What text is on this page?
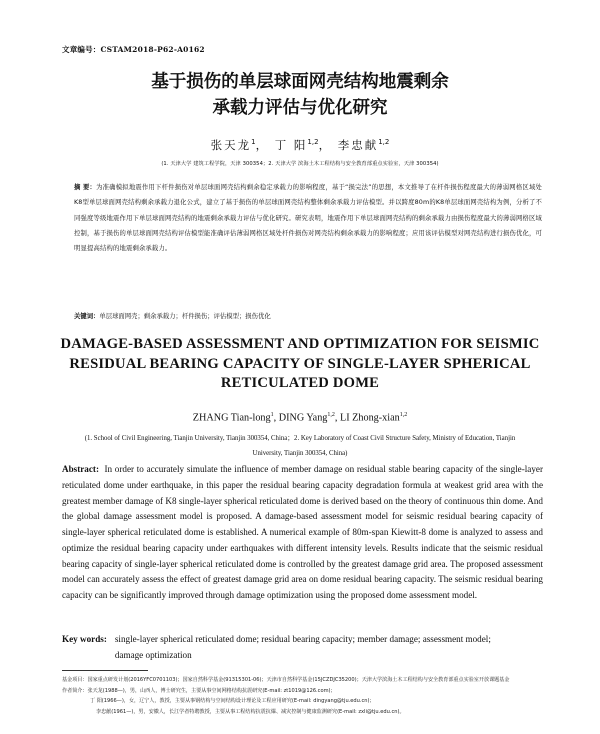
文章编号：CSTAM2018-P62-A0162
基于损伤的单层球面网壳结构地震剩余
承载力评估与优化研究
张天龙$^1$， 丁 阳$^{1,2}$， 李忠献$^{1,2}$
(1. 天津大学 建筑工程学院，天津 300354；2. 天津大学 滨海土木工程结构与安全教育部重点实验室，天津 300354)
摘 要：为准确模拟地震作用下杆件损伤对单层球面网壳结构剩余稳定承载力的影响程度，基于“损完法”的思想，本文推导了在杆件损伤程度最大的薄弱网格区域处K8型单层球面网壳结构剩余承载力退化公式，建立了基于损伤的单层球面网壳结构整体剩余承载力评估模型。并以跨度80m的K8单层球面网壳结构为例，分析了不同强度等级地震作用下单层球面网壳结构的地震剩余承载力评估与优化研究。研究表明，地震作用下单层球面网壳结构的剩余承载力由损伤程度最大的薄弱网格区域控制，基于损伤的单层球面网壳结构评估模型能准确评估薄弱网格区域处杆件损伤对网壳结构剩余承载力的影响程度；应用该评估模型对网壳结构进行损伤优化，可明显提高结构的地震剩余承载力。
关键词：单层球面网壳；剩余承载力；杆件损伤；评估模型；损伤优化
DAMAGE-BASED ASSESSMENT AND OPTIMIZATION FOR SEISMIC
RESIDUAL BEARING CAPACITY OF SINGLE-LAYER SPHERICAL
RETICULATED DOME
ZHANG Tian-long$^1$, DING Yang$^{1,2}$, LI Zhong-xian$^{1,2}$
(1. School of Civil Engineering, Tianjin University, Tianjin 300354, China；2. Key Laboratory of Coast Civil Structure Safety, Ministry of Education, Tianjin University, Tianjin 300354, China)
Abstract: In order to accurately simulate the influence of member damage on residual stable bearing capacity of the single-layer reticulated dome under earthquake, in this paper the residual bearing capacity degradation formula at weakest grid area with the greatest member damage of K8 single-layer spherical reticulated dome is derived based on the theory of continuous thin dome. And the global damage assessment model is proposed. A damage-based assessment model for seismic residual bearing capacity of single-layer spherical reticulated dome is established. A numerical example of 80m-span Kiewitt-8 dome is analyzed to assess and optimize the residual bearing capacity under earthquakes with different intensity levels. Results indicate that the seismic residual bearing capacity of single-layer spherical reticulated dome is controlled by the greatest damage grid area. The proposed assessment model can accurately assess the effect of greatest damage grid area on dome residual bearing capacity. The seismic residual bearing capacity can be significantly improved through damage optimization using the proposed dome assessment model.
Key words: single-layer spherical reticulated dome; residual bearing capacity; member damage; assessment model; damage optimization
基金项目：国家重点研发计划(2016YFC0701103)；国家自然科学基金(91315301-06)；天津市自然科学基金(15JCZDJC35200)；天津大学滨海土木工程结构与安全教育部重点实验室开放课题基金
作者简介：张天龙(1988—)，男，山西人，博士研究生，主要从事空间网格结构抗震研究(E-mail: zt1019@126.com)；
丁 阳(1966—)，女，辽宁人，教授，主要从事钢结构与空间结构设计理论及工程应用研究(E-mail: dingyang@tju.edu.cn)；
李忠献(1961—)，男，安徽人，长江学者特聘教授，主要从事工程结构抗震抗爆、减灾控制与健康监测研究(E-mail: zxli@tju.edu.cn)。
